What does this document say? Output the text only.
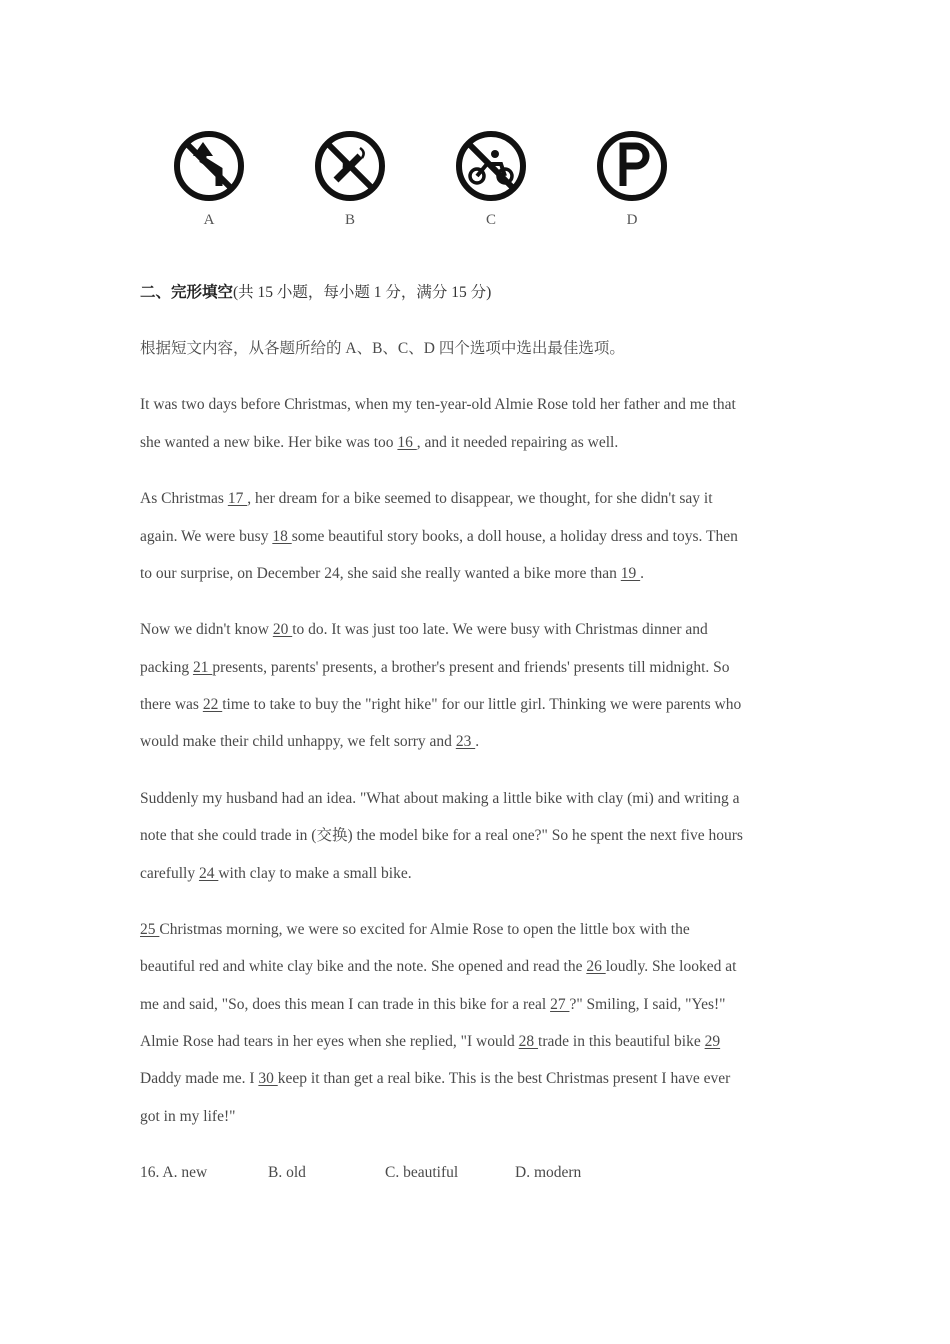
A	B	C	D
二、完形填空(共 15 小题，每小题 1 分，满分 15 分)
根据短文内容，从各题所给的 A、B、C、D 四个选项中选出最佳选项。
It was two days before Christmas, when my ten-year-old Almie Rose told her father and me that
she wanted a new bike. Her bike was too 16 , and it needed repairing as well.
As Christmas 17 , her dream for a bike seemed to disappear, we thought, for she didn't say it
again. We were busy 18 some beautiful story books, a doll house, a holiday dress and toys. Then
to our surprise, on December 24, she said she really wanted a bike more than 19 .
Now we didn't know 20 to do. It was just too late. We were busy with Christmas dinner and
packing 21 presents, parents' presents, a brother's present and friends' presents till midnight. So
there was 22 time to take to buy the "right hike" for our little girl. Thinking we were parents who
would make their child unhappy, we felt sorry and 23 .
Suddenly my husband had an idea. "What about making a little bike with clay (mi) and writing a
note that she could trade in (交换) the model bike for a real one?" So he spent the next five hours
carefully 24 with clay to make a small bike.
25 Christmas morning, we were so excited for Almie Rose to open the little box with the
beautiful red and white clay bike and the note. She opened and read the 26 loudly. She looked at
me and said, "So, does this mean I can trade in this bike for a real 27 ?" Smiling, I said, "Yes!"
Almie Rose had tears in her eyes when she replied, "I would 28 trade in this beautiful bike 29
Daddy made me. I 30 keep it than get a real bike. This is the best Christmas present I have ever
got in my life!"
16. A. new	B. old	C. beautiful	D. modern
